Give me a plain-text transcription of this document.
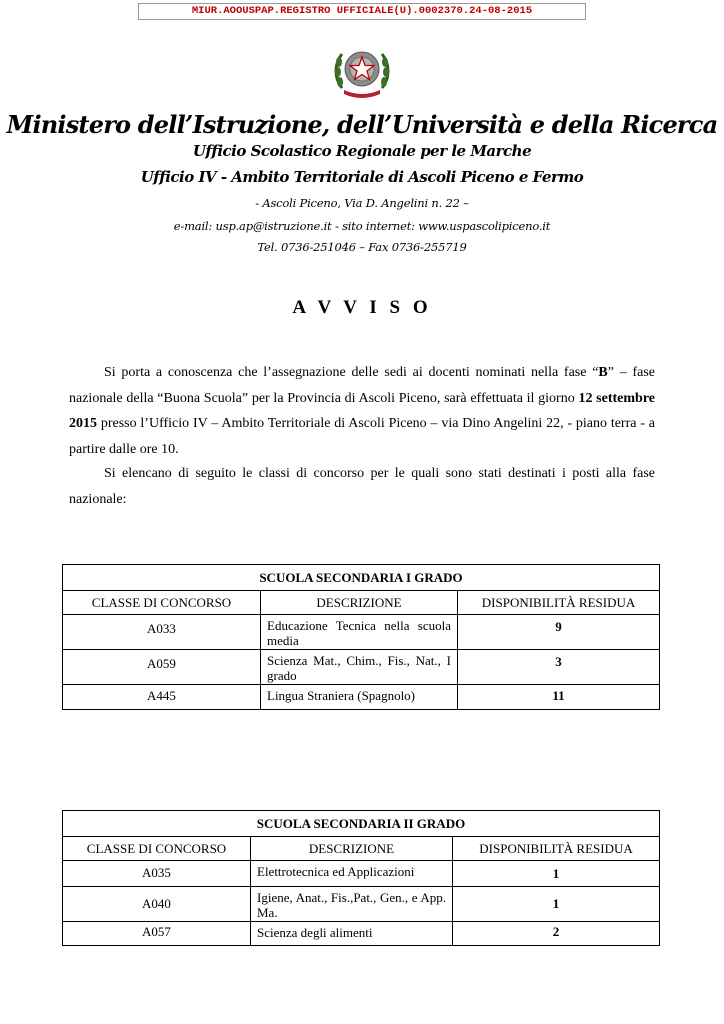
MIUR.AOOUSPAP.REGISTRO UFFICIALE(U).0002370.24-08-2015
Ministero dell’Istruzione, dell’Università e della Ricerca
Ufficio Scolastico Regionale per le Marche
Ufficio IV - Ambito Territoriale di Ascoli Piceno e Fermo
- Ascoli Piceno, Via D. Angelini n. 22 –
e-mail: usp.ap@istruzione.it - sito internet: www.uspascolipiceno.it
Tel. 0736-251046 – Fax 0736-255719
A V V I S O

Si porta a conoscenza che l’assegnazione delle sedi ai docenti nominati nella fase “B” – fase nazionale della “Buona Scuola” per la Provincia di Ascoli Piceno, sarà effettuata il giorno 12 settembre 2015 presso l’Ufficio IV – Ambito Territoriale di Ascoli Piceno – via Dino Angelini 22, - piano terra - a partire dalle ore 10.

Si elencano di seguito le classi di concorso per le quali sono stati destinati i posti alla fase nazionale:

SCUOLA SECONDARIA I GRADO		
CLASSE DI CONCORSO	DESCRIZIONE	DISPONIBILITÀ RESIDUA
A033	Educazione Tecnica nella scuola media	9
A059	Scienza Mat., Chim., Fis., Nat., I grado	3
A445	Lingua Straniera (Spagnolo)	11
SCUOLA SECONDARIA II GRADO		
CLASSE DI CONCORSO	DESCRIZIONE	DISPONIBILITÀ RESIDUA
A035	Elettrotecnica ed Applicazioni	1
A040	Igiene, Anat., Fis.,Pat., Gen., e App. Ma.	1
A057	Scienza degli alimenti	2
